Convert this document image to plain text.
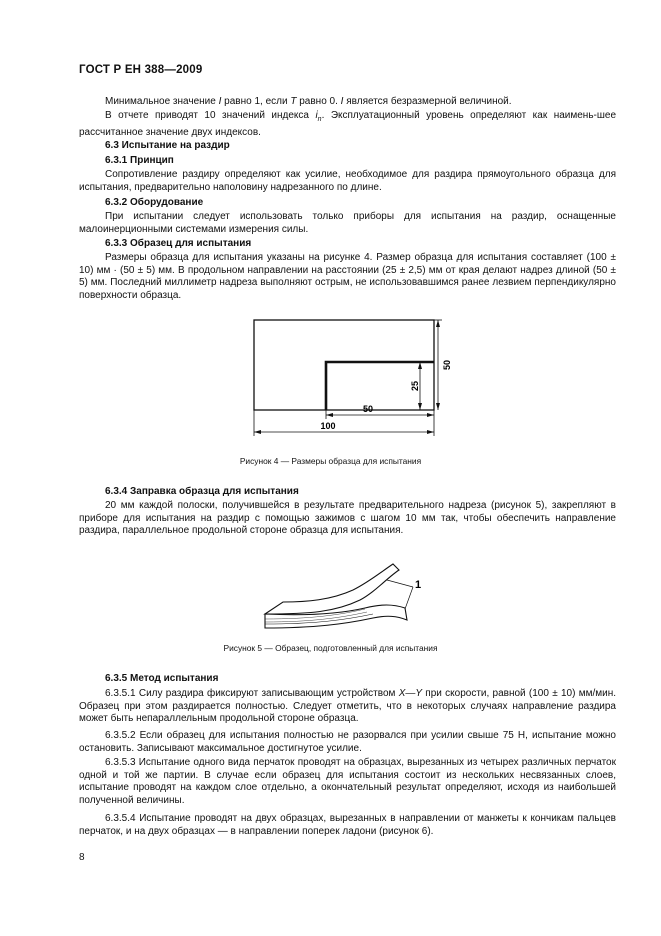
ГОСТ Р ЕН 388—2009
Минимальное значение I равно 1, если T равно 0. I является безразмерной величиной.
В отчете приводят 10 значений индекса $i_n$. Эксплуатационный уровень определяют как наимень-шее рассчитанное значение двух индексов.
6.3 Испытание на раздир
6.3.1 Принцип
Сопротивление раздиру определяют как усилие, необходимое для раздира прямоугольного образца для испытания, предварительно наполовину надрезанного по длине.
6.3.2 Оборудование
При испытании следует использовать только приборы для испытания на раздир, оснащенные малоинерционными системами измерения силы.
6.3.3 Образец для испытания
Размеры образца для испытания указаны на рисунке 4. Размер образца для испытания составляет (100 ± 10) мм · (50 ± 5) мм. В продольном направлении на расстоянии (25 ± 2,5) мм от края делают надрез длиной (50 ± 5) мм. Последний миллиметр надреза выполняют острым, не использовавшимся ранее лезвием перпендикулярно поверхности образца.
100
50
50
25
Рисунок 4 — Размеры образца для испытания
6.3.4 Заправка образца для испытания
20 мм каждой полоски, получившейся в результате предварительного надреза (рисунок 5), закрепляют в приборе для испытания на раздир с помощью зажимов с шагом 10 мм так, чтобы обеспечить направление раздира, параллельное продольной стороне образца для испытания.
1
Рисунок 5 — Образец, подготовленный для испытания
6.3.5 Метод испытания
6.3.5.1 Силу раздира фиксируют записывающим устройством X—Y при скорости, равной (100 ± 10) мм/мин. Образец при этом раздирается полностью. Следует отметить, что в некоторых случаях направление раздира может быть непараллельным продольной стороне образца.
6.3.5.2 Если образец для испытания полностью не разорвался при усилии свыше 75 Н, испытание можно остановить. Записывают максимальное достигнутое усилие.
6.3.5.3 Испытание одного вида перчаток проводят на образцах, вырезанных из четырех различных перчаток одной и той же партии. В случае если образец для испытания состоит из нескольких несвязанных слоев, испытание проводят на каждом слое отдельно, а окончательный результат определяют, исходя из наибольшей полученной величины.
6.3.5.4 Испытание проводят на двух образцах, вырезанных в направлении от манжеты к кончикам пальцев перчаток, и на двух образцах — в направлении поперек ладони (рисунок 6).
8
